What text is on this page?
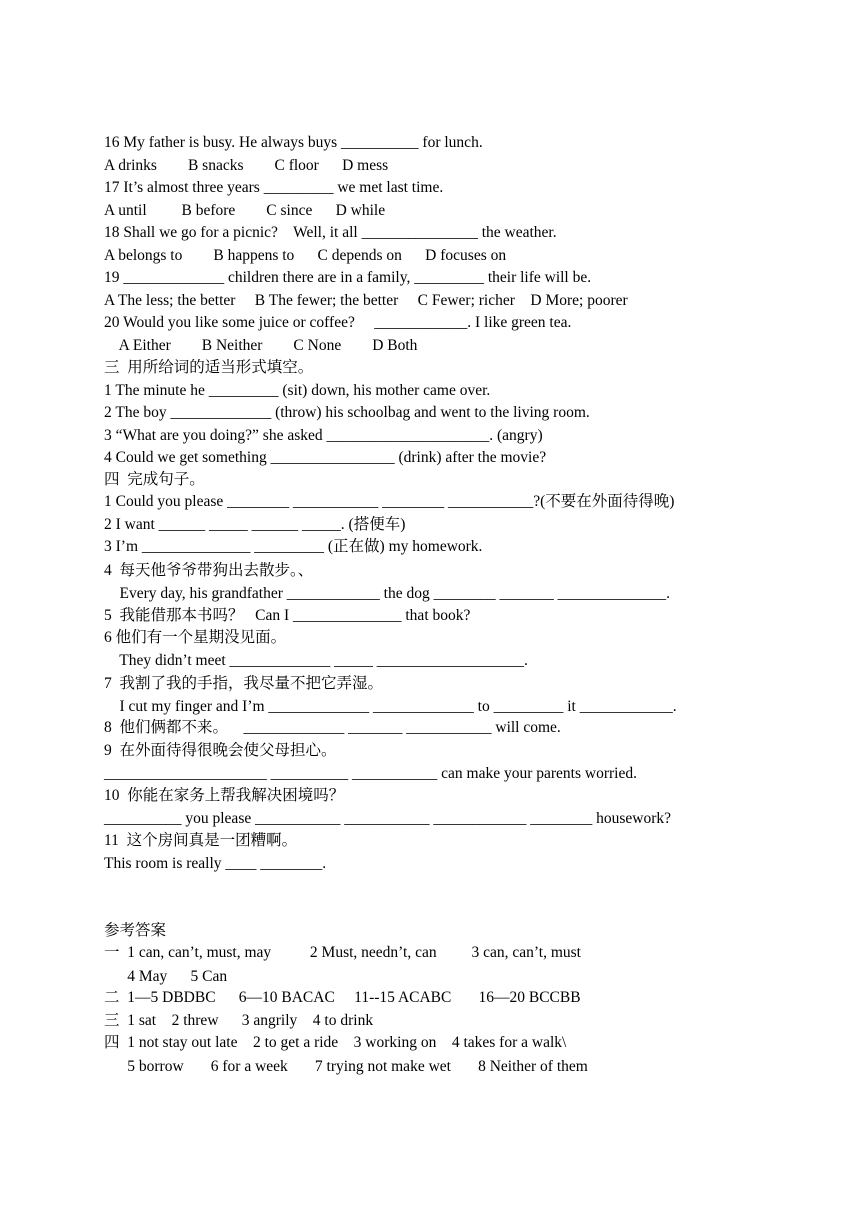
16 My father is busy. He always buys __________ for lunch.
A drinks        B snacks        C floor      D mess
17 It’s almost three years _________ we met last time.
A until         B before        C since      D while
18 Shall we go for a picnic?    Well, it all _______________ the weather.
A belongs to        B happens to      C depends on      D focuses on
19 _____________ children there are in a family, _________ their life will be.
A The less; the better     B The fewer; the better     C Fewer; richer    D More; poorer
20 Would you like some juice or coffee?     ____________. I like green tea.
A Either        B Neither        C None        D Both
三  用所给词的适当形式填空。
1 The minute he _________ (sit) down, his mother came over.
2 The boy _____________ (throw) his schoolbag and went to the living room.
3 “What are you doing?” she asked _____________________. (angry)
4 Could we get something ________________ (drink) after the movie?
四  完成句子。
1 Could you please ________ ___________ ________ ___________?(不要在外面待得晚)
2 I want ______ _____ ______ _____. (搭便车)
3 I’m ______________ _________ (正在做) my homework.
4  每天他爷爷带狗出去散步。、
Every day, his grandfather ____________ the dog ________ _______ ______________.
5  我能借那本书吗？   Can I ______________ that book?
6 他们有一个星期没见面。
They didn’t meet _____________ _____ ___________________.
7  我割了我的手指，我尽量不把它弄湿。
I cut my finger and I’m _____________ _____________ to _________ it ____________.
8  他们俩都不来。    _____________ _______ ___________ will come.
9  在外面待得很晚会使父母担心。
_____________________ __________ ___________ can make your parents worried.
10  你能在家务上帮我解决困境吗？
__________ you please ___________ ___________ ____________ ________ housework?
11  这个房间真是一团糟啊。
This room is really ____ ________.
参考答案
一  1 can, can’t, must, may          2 Must, needn’t, can         3 can, can’t, must
4 May      5 Can
二  1—5 DBDBC      6—10 BACAC     11--15 ACABC       16—20 BCCBB
三  1 sat    2 threw      3 angrily    4 to drink
四  1 not stay out late    2 to get a ride    3 working on    4 takes for a walk\
5 borrow       6 for a week       7 trying not make wet       8 Neither of them
